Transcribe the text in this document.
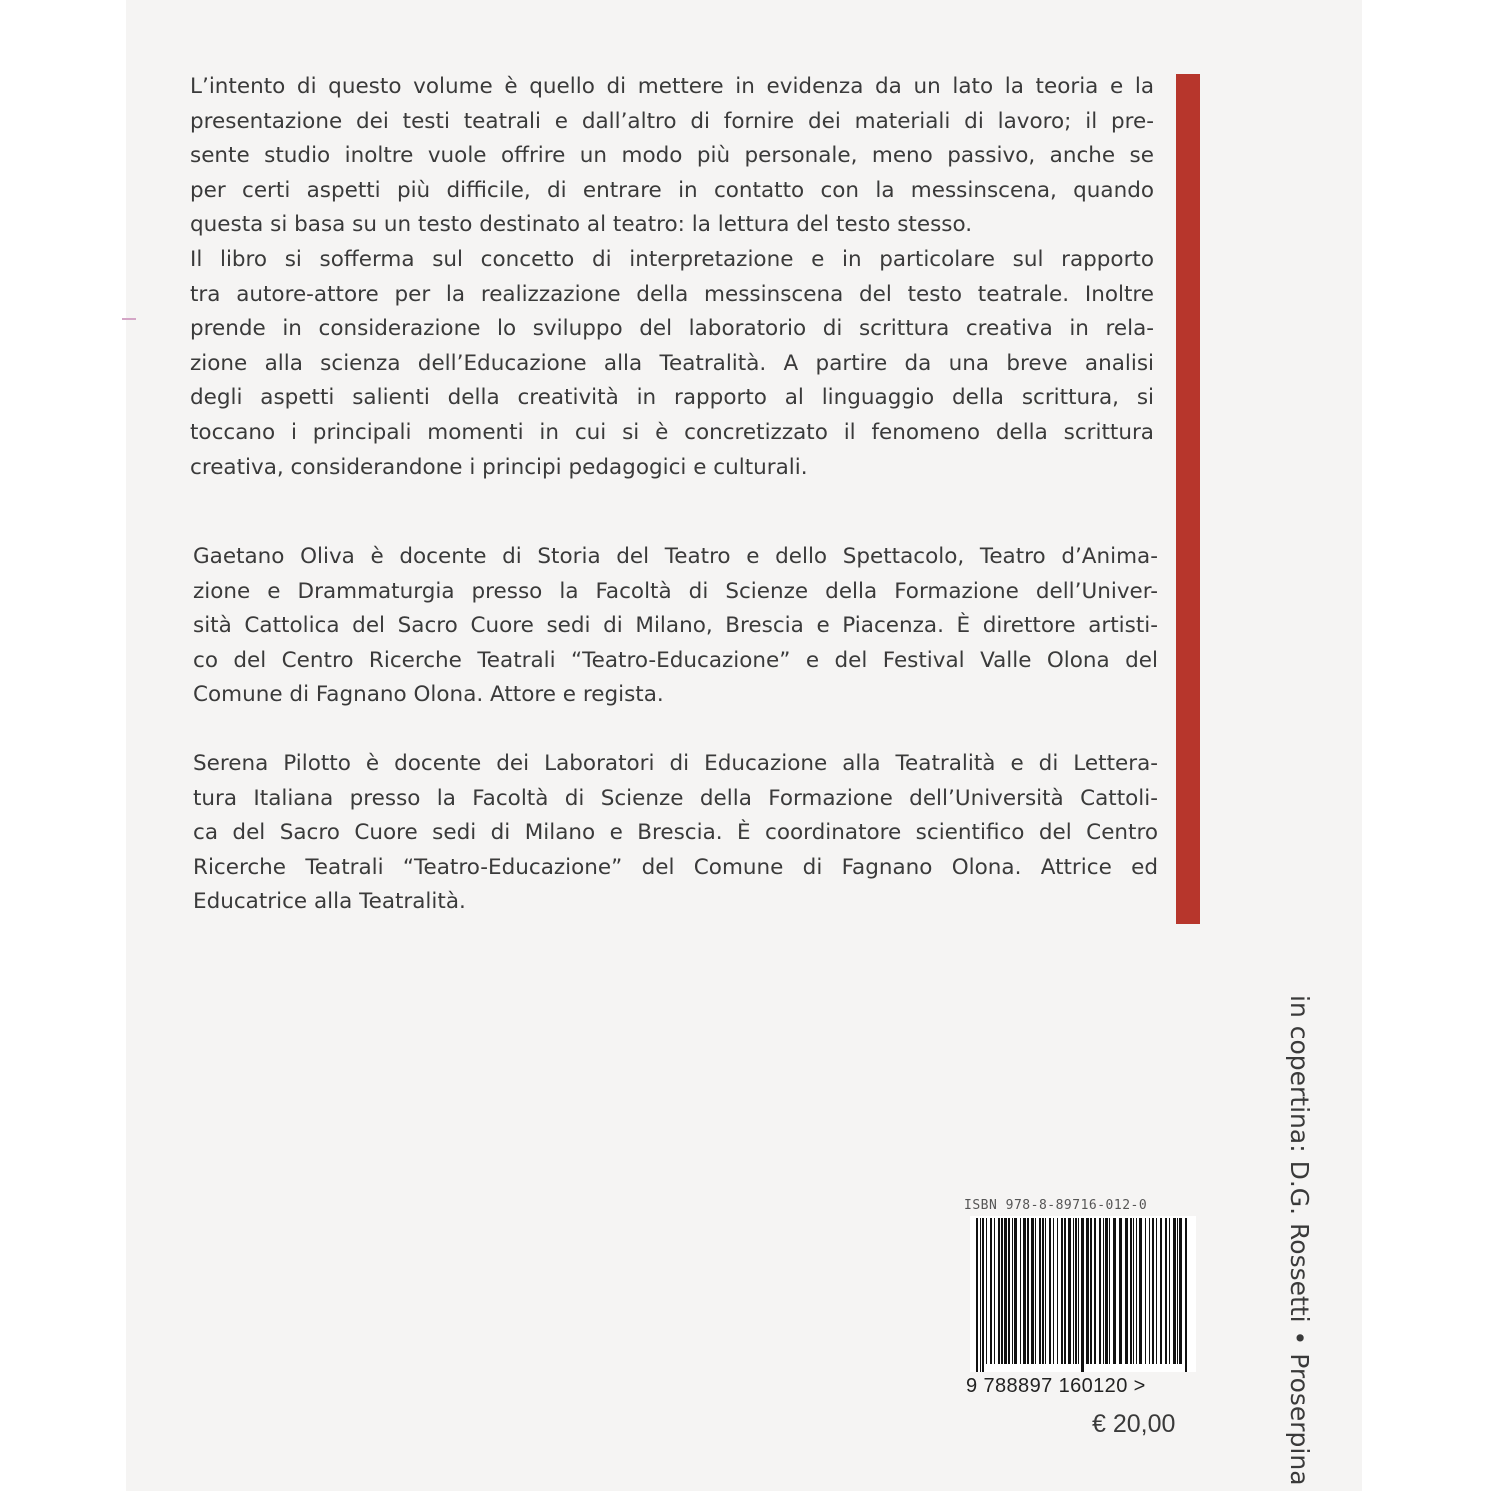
L’intento di questo volume è quello di mettere in evidenza da un lato la teoria e la
presentazione dei testi teatrali e dall’altro di fornire dei materiali di lavoro; il pre-
sente studio inoltre vuole offrire un modo più personale, meno passivo, anche se
per certi aspetti più difficile, di entrare in contatto con la messinscena, quando
questa si basa su un testo destinato al teatro: la lettura del testo stesso.
Il libro si sofferma sul concetto di interpretazione e in particolare sul rapporto
tra autore-attore per la realizzazione della messinscena del testo teatrale. Inoltre
prende in considerazione lo sviluppo del laboratorio di scrittura creativa in rela-
zione alla scienza dell’Educazione alla Teatralità. A partire da una breve analisi
degli aspetti salienti della creatività in rapporto al linguaggio della scrittura, si
toccano i principali momenti in cui si è concretizzato il fenomeno della scrittura
creativa, considerandone i principi pedagogici e culturali.
Gaetano Oliva è docente di Storia del Teatro e dello Spettacolo, Teatro d’Anima-
zione e Drammaturgia presso la Facoltà di Scienze della Formazione dell’Univer-
sità Cattolica del Sacro Cuore sedi di Milano, Brescia e Piacenza. È direttore artisti-
co del Centro Ricerche Teatrali “Teatro-Educazione” e del Festival Valle Olona del
Comune di Fagnano Olona. Attore e regista.
Serena Pilotto è docente dei Laboratori di Educazione alla Teatralità e di Lettera-
tura Italiana presso la Facoltà di Scienze della Formazione dell’Università Cattoli-
ca del Sacro Cuore sedi di Milano e Brescia. È coordinatore scientifico del Centro
Ricerche Teatrali “Teatro-Educazione” del Comune di Fagnano Olona. Attrice ed
Educatrice alla Teatralità.
in copertina: D.G. Rossetti • Proserpina
ISBN 978-8-89716-012-0
9 788897 160120 >
€ 20,00
